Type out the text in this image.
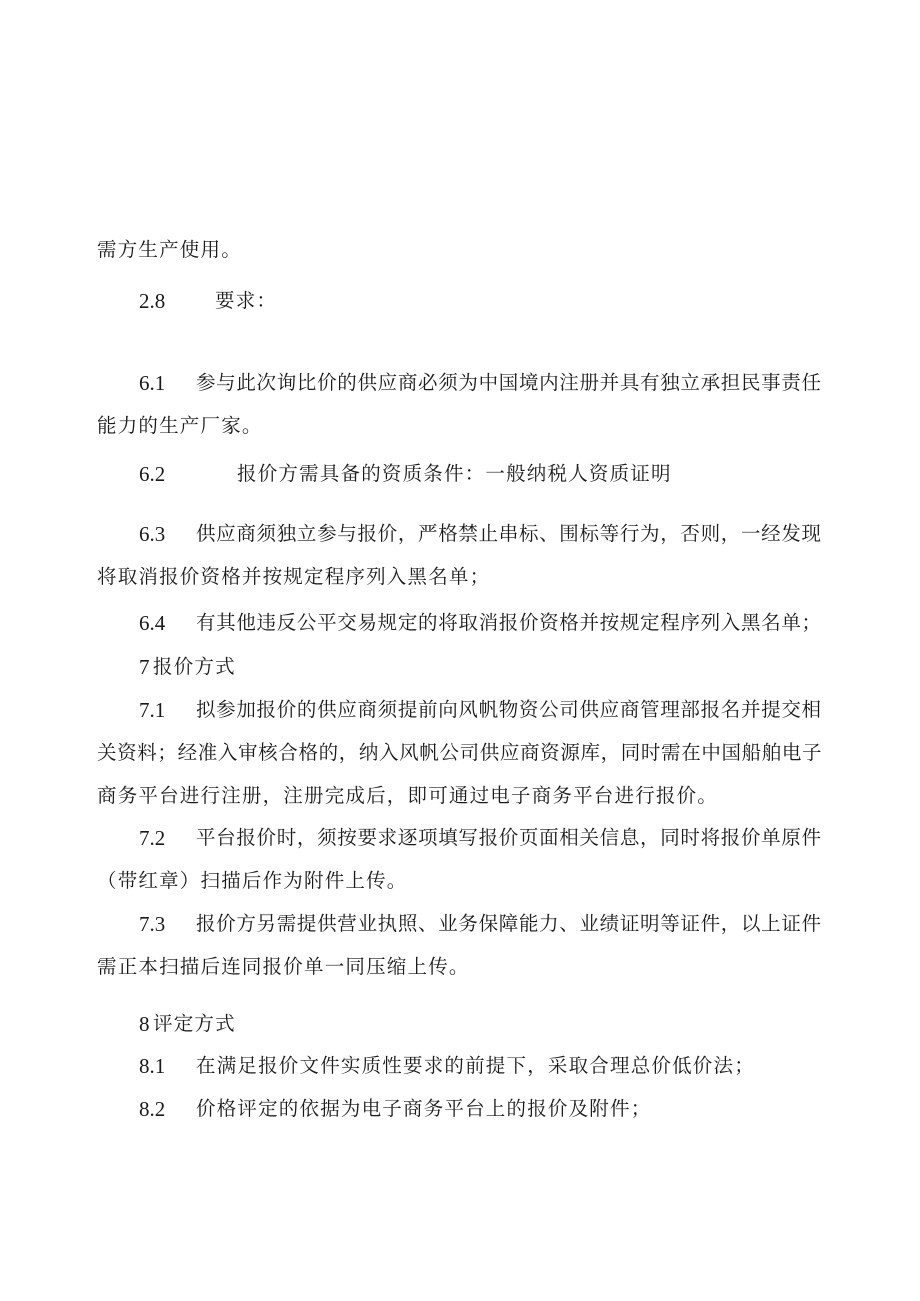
需方生产使用。
2.8	要求：
6.1 参与此次询比价的供应商必须为中国境内注册并具有独立承担民事责任
能力的生产厂家。
6.2	报价方需具备的资质条件：一般纳税人资质证明
6.3 供应商须独立参与报价，严格禁止串标、围标等行为，否则，一经发现
将取消报价资格并按规定程序列入黑名单；
6.4 有其他违反公平交易规定的将取消报价资格并按规定程序列入黑名单；
7 报价方式
7.1 拟参加报价的供应商须提前向风帆物资公司供应商管理部报名并提交相
关资料；经准入审核合格的，纳入风帆公司供应商资源库，同时需在中国船舶电子
商务平台进行注册，注册完成后，即可通过电子商务平台进行报价。
7.2 平台报价时，须按要求逐项填写报价页面相关信息，同时将报价单原件
（带红章）扫描后作为附件上传。
7.3 报价方另需提供营业执照、业务保障能力、业绩证明等证件，以上证件
需正本扫描后连同报价单一同压缩上传。
8 评定方式
8.1 在满足报价文件实质性要求的前提下，采取合理总价低价法；
8.2 价格评定的依据为电子商务平台上的报价及附件；
